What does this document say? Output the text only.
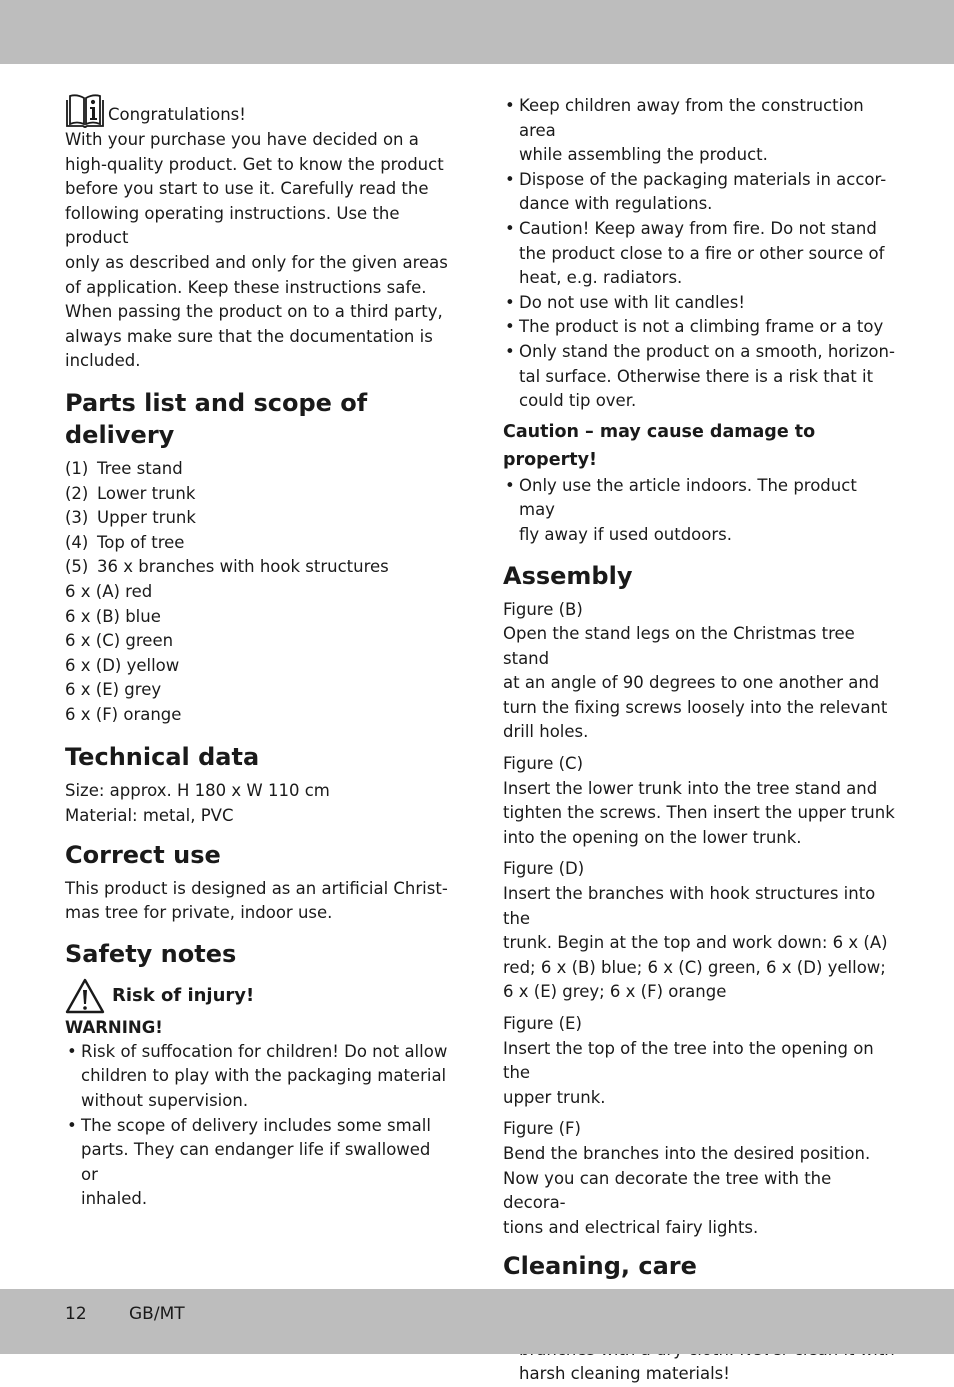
Congratulations!
With your purchase you have decided on a
high-quality product. Get to know the product
before you start to use it. Carefully read the
following operating instructions. Use the product
only as described and only for the given areas
of application. Keep these instructions safe.
When passing the product on to a third party,
always make sure that the documentation is
included.
Parts list and scope of
delivery
(1) Tree stand
(2) Lower trunk
(3) Upper trunk
(4) Top of tree
(5) 36 x branches with hook structures
6 x (A) red
6 x (B) blue
6 x (C) green
6 x (D) yellow
6 x (E) grey
6 x (F) orange
Technical data
Size: approx. H 180 x W 110 cm
Material: metal, PVC
Correct use
This product is designed as an artificial Christ-
mas tree for private, indoor use.
Safety notes
Risk of injury!
WARNING!
• Risk of suffocation for children! Do not allow
children to play with the packaging material
without supervision.
• The scope of delivery includes some small
parts. They can endanger life if swallowed or
inhaled.
• Keep children away from the construction area
while assembling the product.
• Dispose of the packaging materials in accor-
dance with regulations.
• Caution! Keep away from fire. Do not stand
the product close to a fire or other source of
heat, e.g. radiators.
• Do not use with lit candles!
• The product is not a climbing frame or a toy
• Only stand the product on a smooth, horizon-
tal surface. Otherwise there is a risk that it
could tip over.
Caution – may cause damage to
property!
• Only use the article indoors. The product may
fly away if used outdoors.
Assembly
Figure (B)
Open the stand legs on the Christmas tree stand
at an angle of 90 degrees to one another and
turn the fixing screws loosely into the relevant
drill holes.
Figure (C)
Insert the lower trunk into the tree stand and
tighten the screws. Then insert the upper trunk
into the opening on the lower trunk.
Figure (D)
Insert the branches with hook structures into the
trunk. Begin at the top and work down: 6 x (A)
red; 6 x (B) blue; 6 x (C) green, 6 x (D) yellow;
6 x (E) grey; 6 x (F) orange
Figure (E)
Insert the top of the tree into the opening on the
upper trunk.
Figure (F)
Bend the branches into the desired position.
Now you can decorate the tree with the decora-
tions and electrical fairy lights.
Cleaning, care
harsh cleaning materials!
12 GB/MT
